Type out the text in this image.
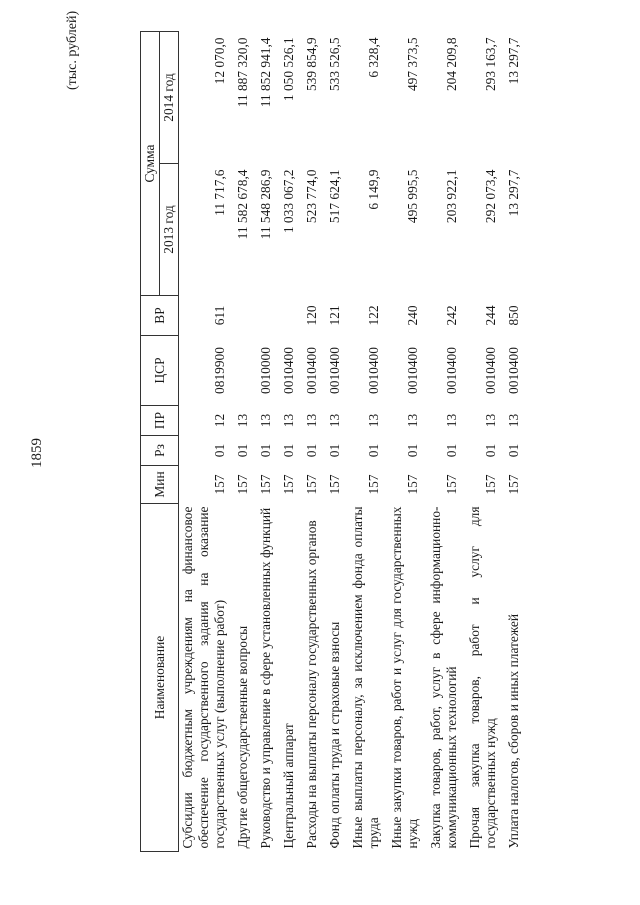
1859
(тыс. рублей)
Наименование	Мин	Рз	ПР	ЦСР	ВР	Сумма	
						2013 год	2014 год
Субсидии бюджетным учреждениям на финансовое обеспечение государственного задания на оказание государственных услуг (выполнение работ)	157	01	12	0819900	611	11 717,6	12 070,0
Другие общегосударственные вопросы	157	01	13			11 582 678,4	11 887 320,0
Руководство и управление в сфере установленных функций	157	01	13	0010000		11 548 286,9	11 852 941,4
Центральный аппарат	157	01	13	0010400		1 033 067,2	1 050 526,1
Расходы на выплаты персоналу государственных органов	157	01	13	0010400	120	523 774,0	539 854,9
Фонд оплаты труда и страховые взносы	157	01	13	0010400	121	517 624,1	533 526,5
Иные выплаты персоналу, за исключением фонда оплаты труда	157	01	13	0010400	122	6 149,9	6 328,4
Иные закупки товаров, работ и услуг для государственных нужд	157	01	13	0010400	240	495 995,5	497 373,5
Закупка товаров, работ, услуг в сфере информационно-коммуникационных технологий	157	01	13	0010400	242	203 922,1	204 209,8
Прочая закупка товаров, работ и услуг для государственных нужд	157	01	13	0010400	244	292 073,4	293 163,7
Уплата налогов, сборов и иных платежей	157	01	13	0010400	850	13 297,7	13 297,7
